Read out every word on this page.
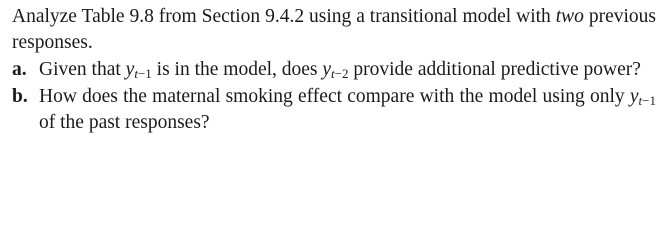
Analyze Table 9.8 from Section 9.4.2 using a transitional model with two previous responses.

a. Given that $y_{t-1}$ is in the model, does $y_{t-2}$ provide additional predictive power?

b. How does the maternal smoking effect compare with the model using only $y_{t-1}$ of the past responses?
